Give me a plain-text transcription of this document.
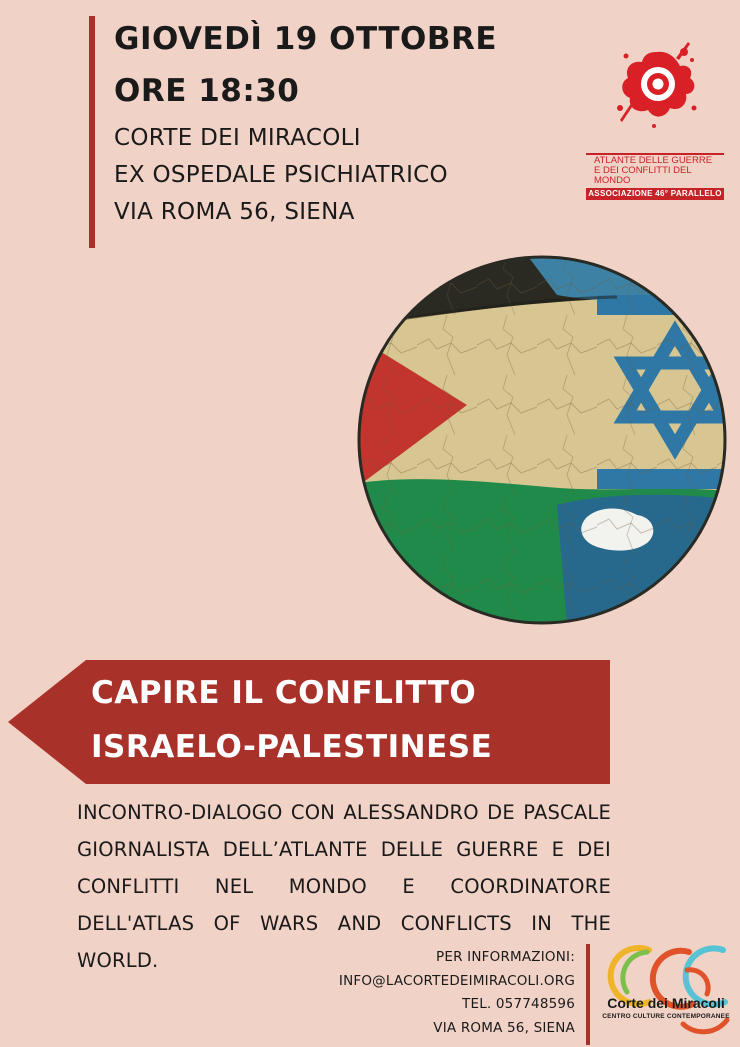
GIOVEDÌ 19 OTTOBRE
ORE 18:30
CORTE DEI MIRACOLI
EX OSPEDALE PSICHIATRICO
VIA ROMA 56, SIENA
ATLANTE DELLE GUERRE
E DEI CONFLITTI DEL MONDO
ASSOCIAZIONE 46° PARALLELO
CAPIRE IL CONFLITTO
ISRAELO-PALESTINESE
INCONTRO-DIALOGO CON ALESSANDRO DE PASCALE GIORNALISTA DELL’ATLANTE DELLE GUERRE E DEI CONFLITTI NEL MONDO E COORDINATORE DELL'ATLAS OF WARS AND CONFLICTS IN THE WORLD.	PER INFORMAZIONI:
INFO@LACORTEDEIMIRACOLI.ORG
TEL. 057748596
VIA ROMA 56, SIENA
Corte dei Miracoli
CENTRO CULTURE CONTEMPORANEE
